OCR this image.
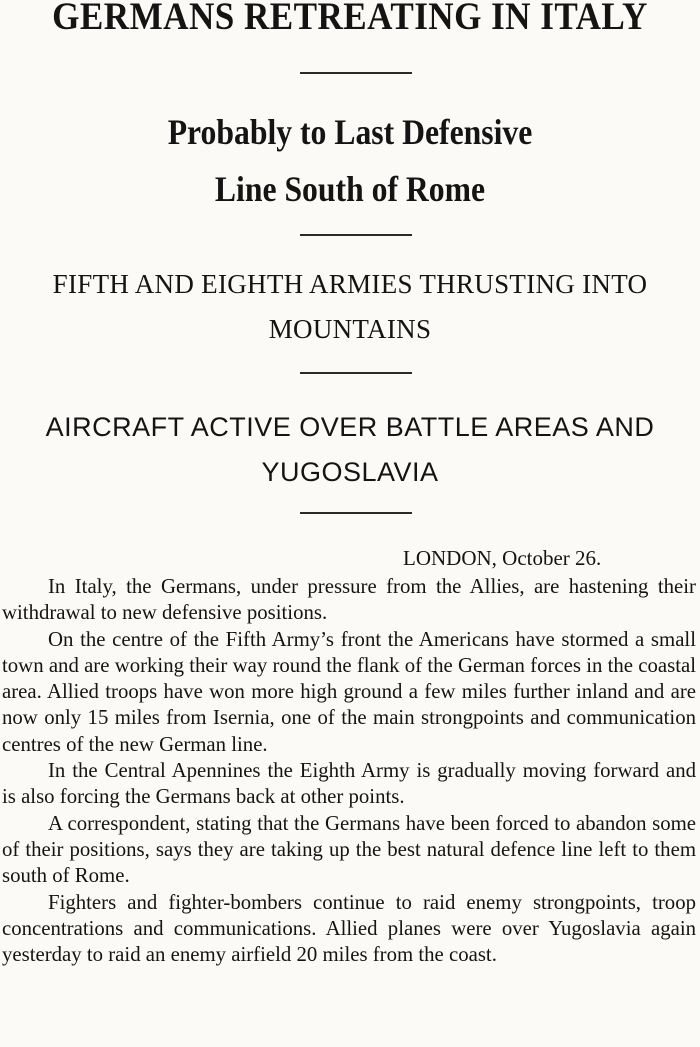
GERMANS RETREATING IN ITALY
Probably to Last Defensive Line South of Rome
FIFTH AND EIGHTH ARMIES THRUSTING INTO MOUNTAINS
AIRCRAFT ACTIVE OVER BATTLE AREAS AND YUGOSLAVIA
LONDON, October 26.

In Italy, the Germans, under pressure from the Allies, are hastening their withdrawal to new defensive positions.

On the centre of the Fifth Army’s front the Americans have stormed a small town and are working their way round the flank of the German forces in the coastal area. Allied troops have won more high ground a few miles further inland and are now only 15 miles from Isernia, one of the main strongpoints and communication centres of the new German line.

In the Central Apennines the Eighth Army is gradually moving forward and is also forcing the Germans back at other points.

A correspondent, stating that the Germans have been forced to abandon some of their positions, says they are taking up the best natural defence line left to them south of Rome.

Fighters and fighter-bombers continue to raid enemy strongpoints, troop concentrations and communications. Allied planes were over Yugoslavia again yesterday to raid an enemy airfield 20 miles from the coast.
